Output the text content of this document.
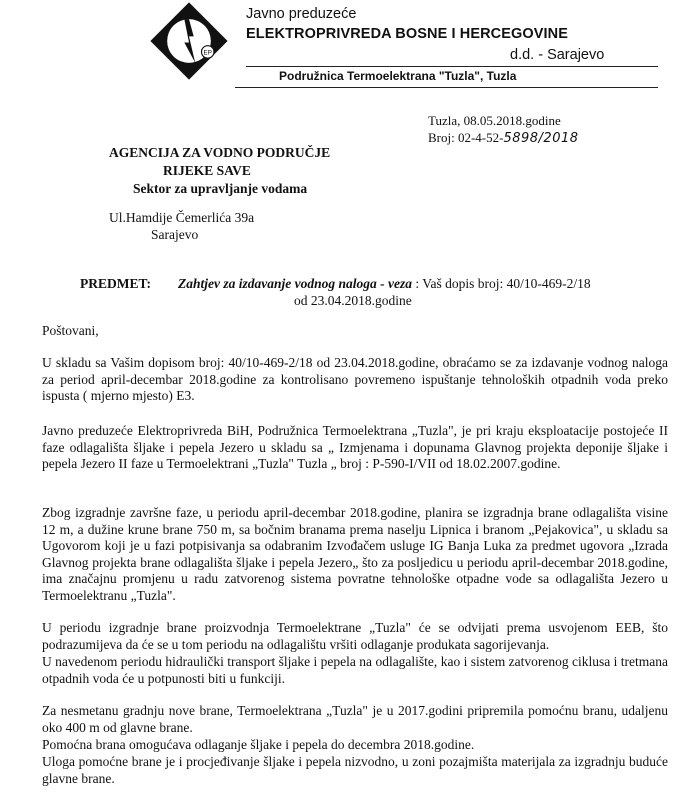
EP
Javno preduzeće
ELEKTROPRIVREDA BOSNE I HERCEGOVINE
d.d. - Sarajevo
Podružnica Termoelektrana "Tuzla", Tuzla
Tuzla, 08.05.2018.godine
Broj: 02-4-52-5898/2018
AGENCIJA ZA VODNO PODRUČJE
RIJEKE SAVE
Sektor za upravljanje vodama
Ul.Hamdije Čemerlića 39a
Sarajevo
PREDMET: Zahtjev za izdavanje vodnog naloga - veza : Vaš dopis broj: 40/10-469-2/18
od 23.04.2018.godine
Poštovani,

U skladu sa Vašim dopisom broj: 40/10-469-2/18 od 23.04.2018.godine, obraćamo se za izdavanje vodnog naloga za period april-decembar 2018.godine za kontrolisano povremeno ispuštanje tehnoloških otpadnih voda preko ispusta ( mjerno mjesto) E3.

Javno preduzeće Elektroprivreda BiH, Podružnica Termoelektrana „Tuzla", je pri kraju eksploatacije postojeće II faze odlagališta šljake i pepela Jezero u skladu sa „ Izmjenama i dopunama Glavnog projekta deponije šljake i pepela Jezero II faze u Termoelektrani „Tuzla" Tuzla „ broj : P-590-I/VII od 18.02.2007.godine.

Zbog izgradnje završne faze, u periodu april-decembar 2018.godine, planira se izgradnja brane odlagališta visine 12 m, a dužine krune brane 750 m, sa bočnim branama prema naselju Lipnica i branom „Pejakovica", u skladu sa Ugovorom koji je u fazi potpisivanja sa odabranim Izvođačem usluge IG Banja Luka za predmet ugovora „Izrada Glavnog projekta brane odlagališta šljake i pepela Jezero„ što za posljedicu u periodu april-decembar 2018.godine, ima značajnu promjenu u radu zatvorenog sistema povratne tehnološke otpadne vode sa odlagališta Jezero u Termoelektranu „Tuzla".

U periodu izgradnje brane proizvodnja Termoelektrane „Tuzla" će se odvijati prema usvojenom EEB, što podrazumijeva da će se u tom periodu na odlagalištu vršiti odlaganje produkata sagorijevanja.

U navedenom periodu hidraulički transport šljake i pepela na odlagalište, kao i sistem zatvorenog ciklusa i tretmana otpadnih voda će u potpunosti biti u funkciji.

Za nesmetanu gradnju nove brane, Termoelektrana „Tuzla" je u 2017.godini pripremila pomoćnu branu, udaljenu oko 400 m od glavne brane.

Pomoćna brana omogućava odlaganje šljake i pepela do decembra 2018.godine.

Uloga pomoćne brane je i procjeđivanje šljake i pepela nizvodno, u zoni pozajmišta materijala za izgradnju buduće glavne brane.
